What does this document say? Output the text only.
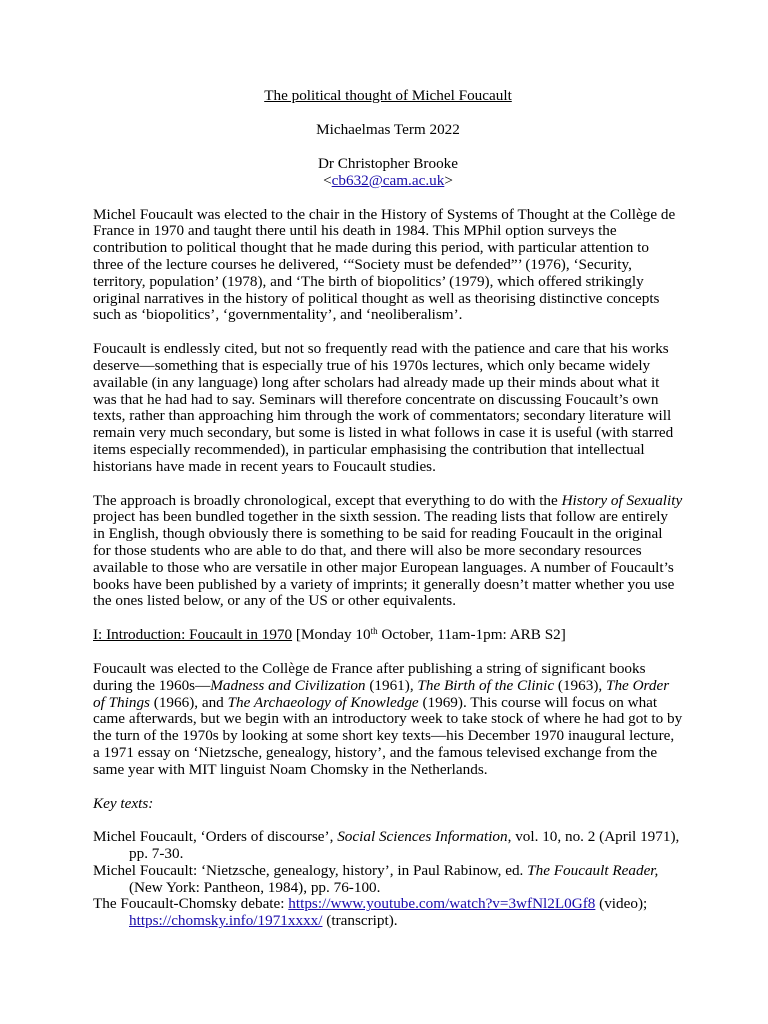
The political thought of Michel Foucault
Michaelmas Term 2022
Dr Christopher Brooke
<cb632@cam.ac.uk>

Michel Foucault was elected to the chair in the History of Systems of Thought at the Collège de France in 1970 and taught there until his death in 1984. This MPhil option surveys the contribution to political thought that he made during this period, with particular attention to three of the lecture courses he delivered, ‘“Society must be defended”’ (1976), ‘Security, territory, population’ (1978), and ‘The birth of biopolitics’ (1979), which offered strikingly original narratives in the history of political thought as well as theorising distinctive concepts such as ‘biopolitics’, ‘governmentality’, and ‘neoliberalism’.

Foucault is endlessly cited, but not so frequently read with the patience and care that his works deserve—something that is especially true of his 1970s lectures, which only became widely available (in any language) long after scholars had already made up their minds about what it was that he had had to say. Seminars will therefore concentrate on discussing Foucault’s own texts, rather than approaching him through the work of commentators; secondary literature will remain very much secondary, but some is listed in what follows in case it is useful (with starred items especially recommended), in particular emphasising the contribution that intellectual historians have made in recent years to Foucault studies.

The approach is broadly chronological, except that everything to do with the History of Sexuality project has been bundled together in the sixth session. The reading lists that follow are entirely in English, though obviously there is something to be said for reading Foucault in the original for those students who are able to do that, and there will also be more secondary resources available to those who are versatile in other major European languages. A number of Foucault’s books have been published by a variety of imprints; it generally doesn’t matter whether you use the ones listed below, or any of the US or other equivalents.

I: Introduction: Foucault in 1970 [Monday 10th October, 11am-1pm: ARB S2]

Foucault was elected to the Collège de France after publishing a string of significant books during the 1960s—Madness and Civilization (1961), The Birth of the Clinic (1963), The Order of Things (1966), and The Archaeology of Knowledge (1969). This course will focus on what came afterwards, but we begin with an introductory week to take stock of where he had got to by the turn of the 1970s by looking at some short key texts—his December 1970 inaugural lecture, a 1971 essay on ‘Nietzsche, genealogy, history’, and the famous televised exchange from the same year with MIT linguist Noam Chomsky in the Netherlands.

Key texts:

Michel Foucault, ‘Orders of discourse’, Social Sciences Information, vol. 10, no. 2 (April 1971), pp. 7-30.

Michel Foucault: ‘Nietzsche, genealogy, history’, in Paul Rabinow, ed. The Foucault Reader, (New York: Pantheon, 1984), pp. 76-100.

The Foucault-Chomsky debate: https://www.youtube.com/watch?v=3wfNl2L0Gf8 (video); https://chomsky.info/1971xxxx/ (transcript).
